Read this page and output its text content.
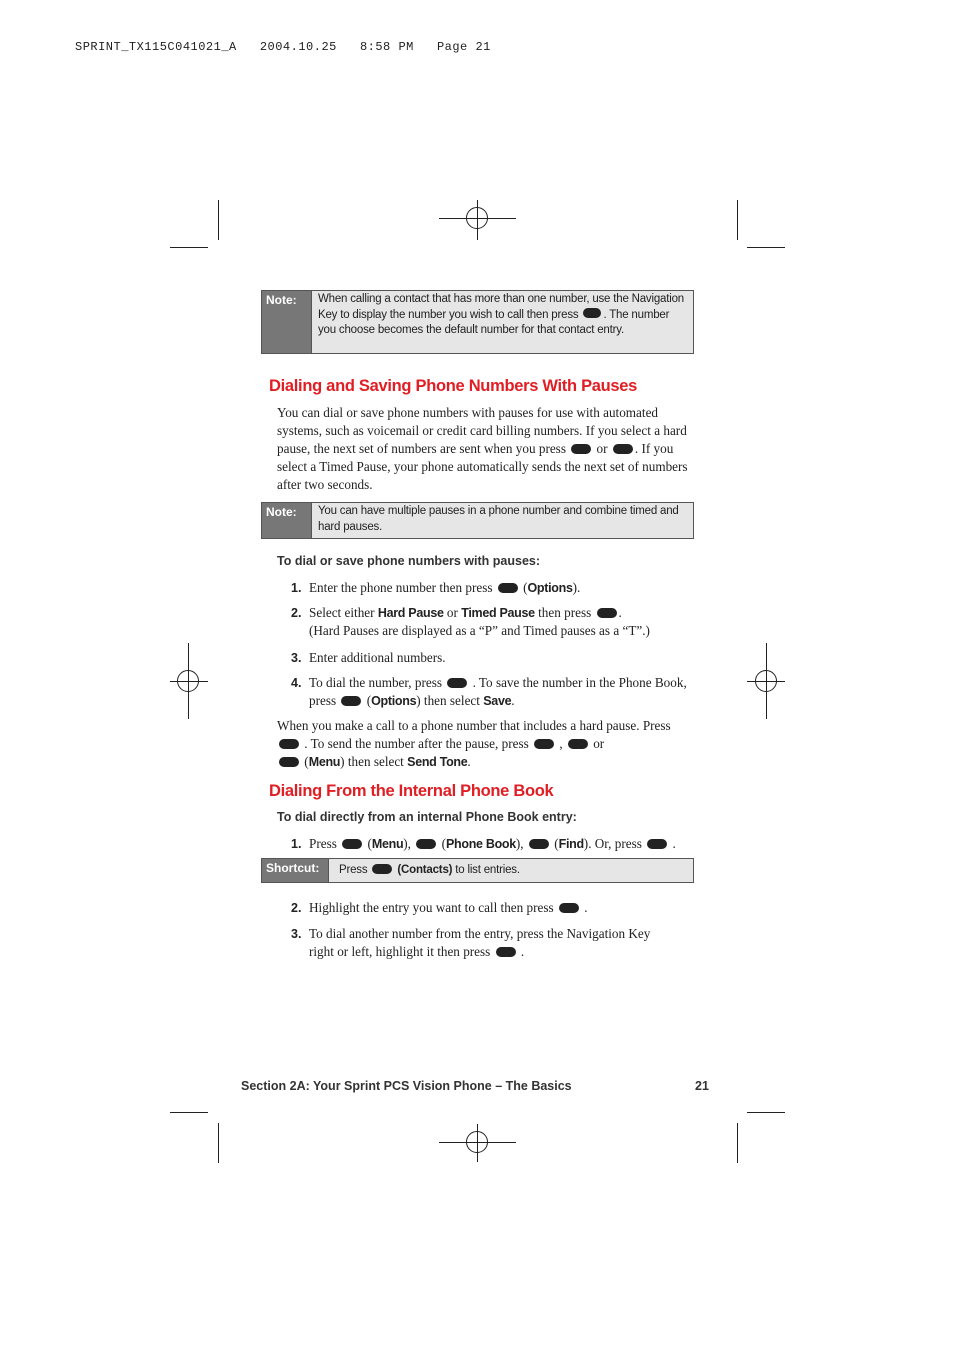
SPRINT_TX115C041021_A   2004.10.25   8:58 PM   Page 21
Note:	When calling a contact that has more than one number, use the Navigation Key to display the number you wish to call then press . The number you choose becomes the default number for that contact entry.
Dialing and Saving Phone Numbers With Pauses
You can dial or save phone numbers with pauses for use with automated systems, such as voicemail or credit card billing numbers. If you select a hard pause, the next set of numbers are sent when you press or . If you select a Timed Pause, your phone automatically sends the next set of numbers after two seconds.
Note:	You can have multiple pauses in a phone number and combine timed and hard pauses.
To dial or save phone numbers with pauses:
1. Enter the phone number then press (Options).
2. Select either Hard Pause or Timed Pause then press .
(Hard Pauses are displayed as a “P” and Timed pauses as a “T”.)
3. Enter additional numbers.
4. To dial the number, press . To save the number in the Phone Book, press (Options) then select Save.
When you make a call to a phone number that includes a hard pause. Press  . To send the number after the pause, press , or
(Menu) then select Send Tone.
Dialing From the Internal Phone Book
To dial directly from an internal Phone Book entry:
1. Press (Menu), (Phone Book), (Find). Or, press .
Shortcut:	Press	(Contacts) to list entries.
2. Highlight the entry you want to call then press .
3. To dial another number from the entry, press the Navigation Key right or left, highlight it then press .
Section 2A: Your Sprint PCS Vision Phone – The Basics	21
